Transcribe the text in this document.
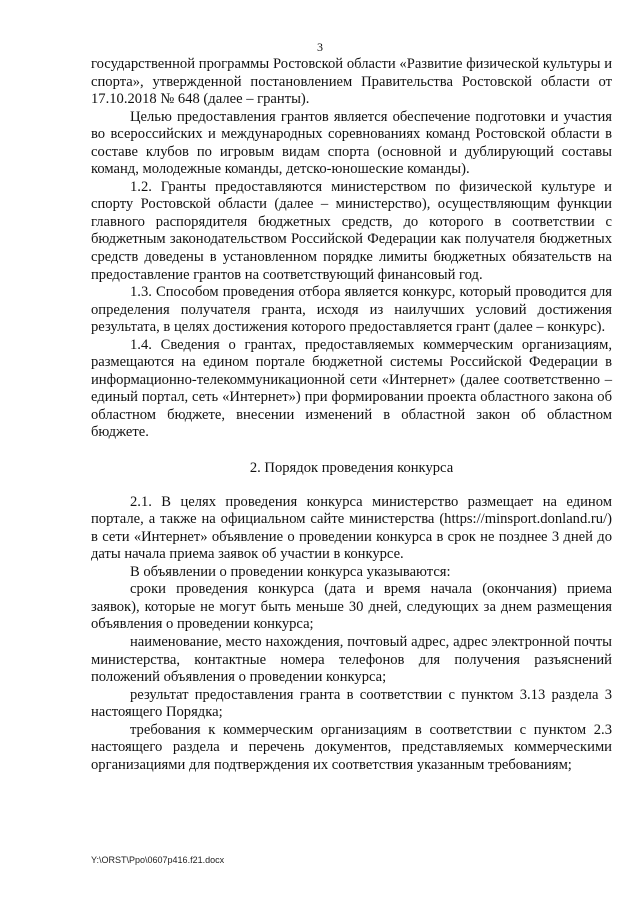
3

государственной программы Ростовской области «Развитие физической культуры и спорта», утвержденной постановлением Правительства Ростовской области от 17.10.2018 № 648 (далее – гранты).

Целью предоставления грантов является обеспечение подготовки и участия во всероссийских и международных соревнованиях команд Ростовской области в составе клубов по игровым видам спорта (основной и дублирующий составы команд, молодежные команды, детско-юношеские команды).

1.2. Гранты предоставляются министерством по физической культуре и спорту Ростовской области (далее – министерство), осуществляющим функции главного распорядителя бюджетных средств, до которого в соответствии с бюджетным законодательством Российской Федерации как получателя бюджетных средств доведены в установленном порядке лимиты бюджетных обязательств на предоставление грантов на соответствующий финансовый год.

1.3. Способом проведения отбора является конкурс, который проводится для определения получателя гранта, исходя из наилучших условий достижения результата, в целях достижения которого предоставляется грант (далее – конкурс).

1.4. Сведения о грантах, предоставляемых коммерческим организациям, размещаются на едином портале бюджетной системы Российской Федерации в информационно-телекоммуникационной сети «Интернет» (далее соответственно – единый портал, сеть «Интернет») при формировании проекта областного закона об областном бюджете, внесении изменений в областной закон об областном бюджете.

2. Порядок проведения конкурса

2.1. В целях проведения конкурса министерство размещает на едином портале, а также на официальном сайте министерства (https://minsport.donland.ru/) в сети «Интернет» объявление о проведении конкурса в срок не позднее 3 дней до даты начала приема заявок об участии в конкурсе.

В объявлении о проведении конкурса указываются:

сроки проведения конкурса (дата и время начала (окончания) приема заявок), которые не могут быть меньше 30 дней, следующих за днем размещения объявления о проведении конкурса;

наименование, место нахождения, почтовый адрес, адрес электронной почты министерства, контактные номера телефонов для получения разъяснений положений объявления о проведении конкурса;

результат предоставления гранта в соответствии с пунктом 3.13 раздела 3 настоящего Порядка;

требования к коммерческим организациям в соответствии с пунктом 2.3 настоящего раздела и перечень документов, представляемых коммерческими организациями для подтверждения их соответствия указанным требованиям;

Y:\ORST\Ppo\0607p416.f21.docx
